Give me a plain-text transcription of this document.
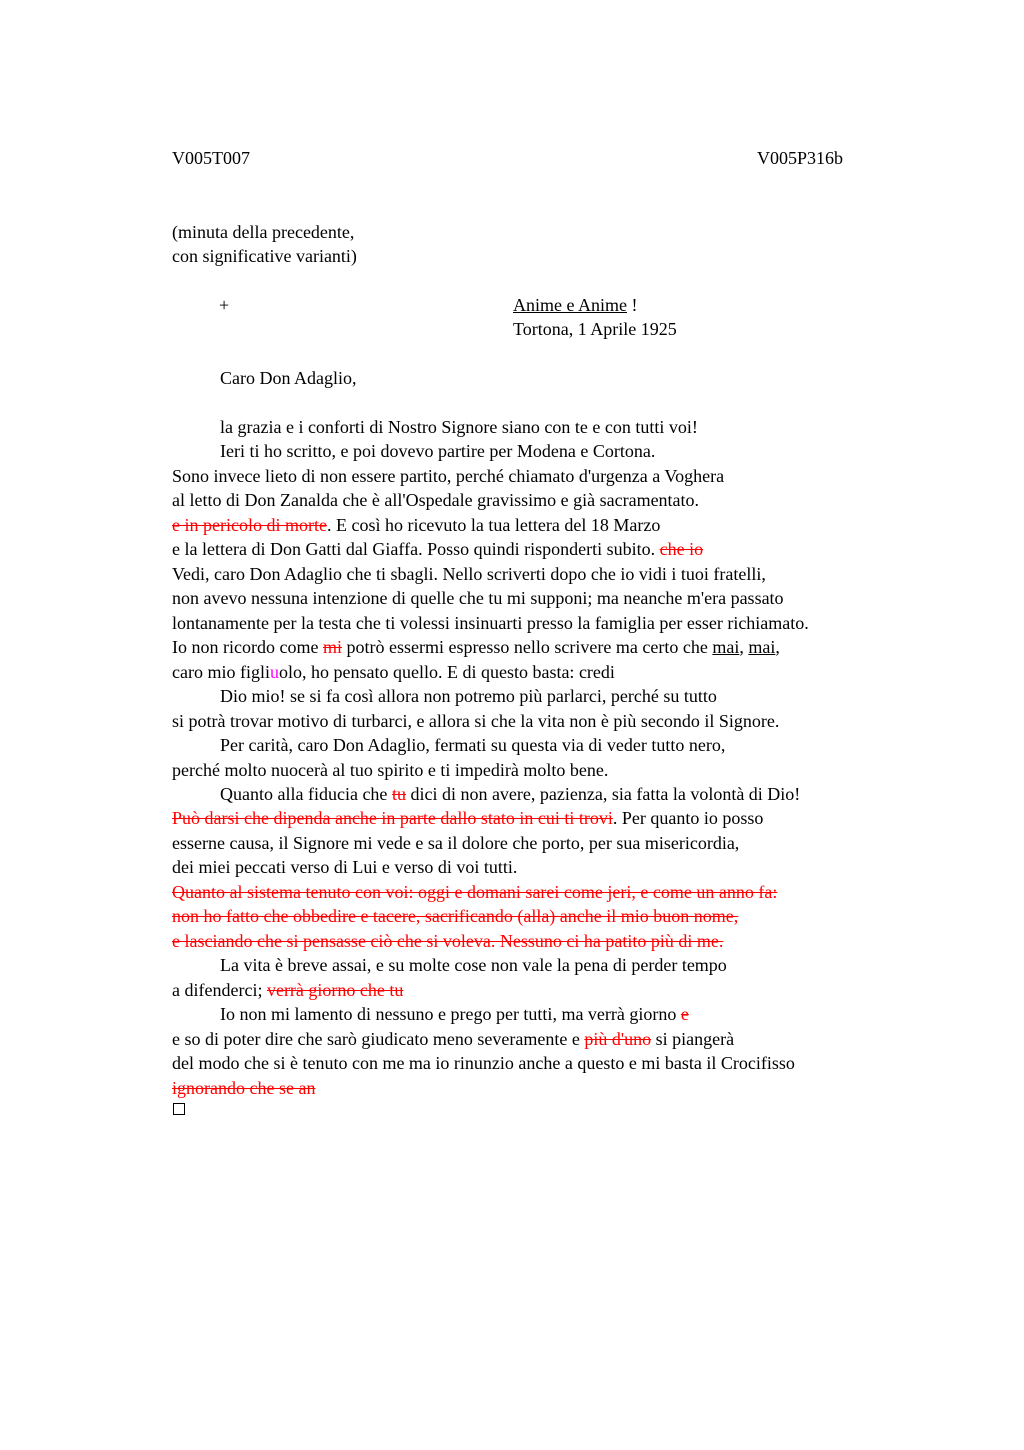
V005T007	V005P316b
(minuta della precedente,
con significative varianti)
+	Anime e Anime !
Tortona, 1 Aprile 1925
Caro Don Adaglio,
la grazia e i conforti di Nostro Signore siano con te e con tutti voi!
Ieri ti ho scritto, e poi dovevo partire per Modena e Cortona.
Sono invece lieto di non essere partito, perché chiamato d'urgenza a Voghera
al letto di Don Zanalda che è all'Ospedale gravissimo e già sacramentato.
e in pericolo di morte. E così ho ricevuto la tua lettera del 18 Marzo
e la lettera di Don Gatti dal Giaffa. Posso quindi risponderti subito. che io
Vedi, caro Don Adaglio che ti sbagli. Nello scriverti dopo che io vidi i tuoi fratelli,
non avevo nessuna intenzione di quelle che tu mi supponi; ma neanche m'era passato
lontanamente per la testa che ti volessi insinuarti presso la famiglia per esser richiamato.
Io non ricordo come mi potrò essermi espresso nello scrivere ma certo che mai, mai,
caro mio figliuolo, ho pensato quello. E di questo basta: credi
Dio mio! se si fa così allora non potremo più parlarci, perché su tutto
si potrà trovar motivo di turbarci, e allora si che la vita non è più secondo il Signore.
Per carità, caro Don Adaglio, fermati su questa via di veder tutto nero,
perché molto nuocerà al tuo spirito e ti impedirà molto bene.
Quanto alla fiducia che tu dici di non avere, pazienza, sia fatta la volontà di Dio!
Può darsi che dipenda anche in parte dallo stato in cui ti trovi. Per quanto io posso
esserne causa, il Signore mi vede e sa il dolore che porto, per sua misericordia,
dei miei peccati verso di Lui e verso di voi tutti.
Quanto al sistema tenuto con voi: oggi e domani sarei come jeri, e come un anno fa:
non ho fatto che obbedire e tacere, sacrificando (alla) anche il mio buon nome,
e lasciando che si pensasse ciò che si voleva. Nessuno ci ha patito più di me.
La vita è breve assai, e su molte cose non vale la pena di perder tempo
a difenderci; verrà giorno che tu
Io non mi lamento di nessuno e prego per tutti, ma verrà giorno e
e so di poter dire che sarò giudicato meno severamente e più d'uno si piangerà
del modo che si è tenuto con me ma io rinunzio anche a questo e mi basta il Crocifisso
ignorando che se an
